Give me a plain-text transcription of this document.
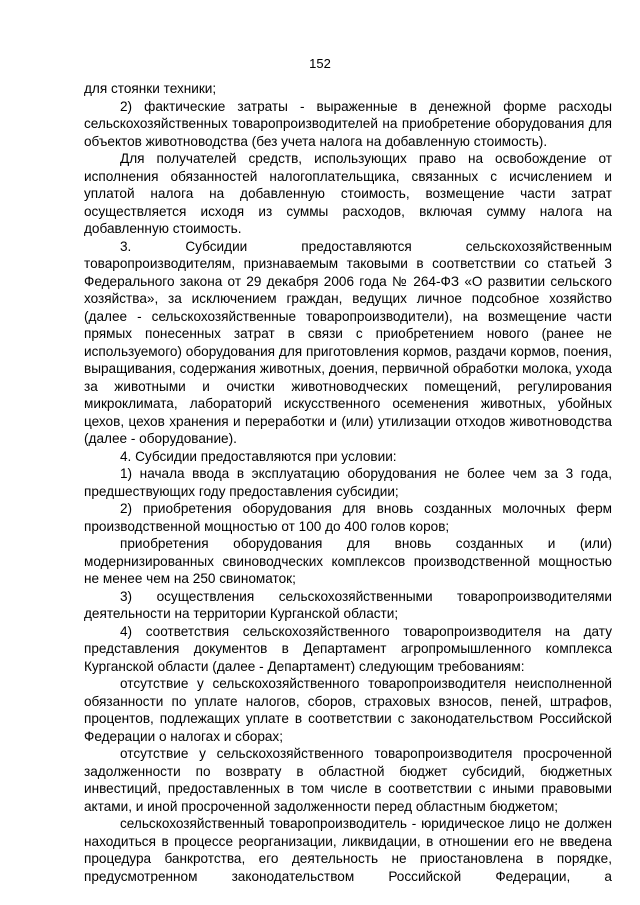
152

для стоянки техники;

2) фактические затраты - выраженные в денежной форме расходы сельскохозяйственных товаропроизводителей на приобретение оборудования для объектов животноводства (без учета налога на добавленную стоимость).

Для получателей средств, использующих право на освобождение от исполнения обязанностей налогоплательщика, связанных с исчислением и уплатой налога на добавленную стоимость, возмещение части затрат осуществляется исходя из суммы расходов, включая сумму налога на добавленную стоимость.

3. Субсидии предоставляются сельскохозяйственным товаропроизводителям, признаваемым таковыми в соответствии со статьей 3 Федерального закона от 29 декабря 2006 года № 264-ФЗ «О развитии сельского хозяйства», за исключением граждан, ведущих личное подсобное хозяйство (далее - сельскохозяйственные товаропроизводители), на возмещение части прямых понесенных затрат в связи с приобретением нового (ранее не используемого) оборудования для приготовления кормов, раздачи кормов, поения, выращивания, содержания животных, доения, первичной обработки молока, ухода за животными и очистки животноводческих помещений, регулирования микроклимата, лабораторий искусственного осеменения животных, убойных цехов, цехов хранения и переработки и (или) утилизации отходов животноводства (далее - оборудование).

4. Субсидии предоставляются при условии:

1) начала ввода в эксплуатацию оборудования не более чем за 3 года, предшествующих году предоставления субсидии;

2) приобретения оборудования для вновь созданных молочных ферм производственной мощностью от 100 до 400 голов коров;

приобретения оборудования для вновь созданных и (или) модернизированных свиноводческих комплексов производственной мощностью не менее чем на 250 свиноматок;

3) осуществления сельскохозяйственными товаропроизводителями деятельности на территории Курганской области;

4) соответствия сельскохозяйственного товаропроизводителя на дату представления документов в Департамент агропромышленного комплекса Курганской области (далее - Департамент) следующим требованиям:

отсутствие у сельскохозяйственного товаропроизводителя неисполненной обязанности по уплате налогов, сборов, страховых взносов, пеней, штрафов, процентов, подлежащих уплате в соответствии с законодательством Российской Федерации о налогах и сборах;

отсутствие у сельскохозяйственного товаропроизводителя просроченной задолженности по возврату в областной бюджет субсидий, бюджетных инвестиций, предоставленных в том числе в соответствии с иными правовыми актами, и иной просроченной задолженности перед областным бюджетом;

сельскохозяйственный товаропроизводитель - юридическое лицо не должен находиться в процессе реорганизации, ликвидации, в отношении его не введена процедура банкротства, его деятельность не приостановлена в порядке, предусмотренном законодательством Российской Федерации, а
